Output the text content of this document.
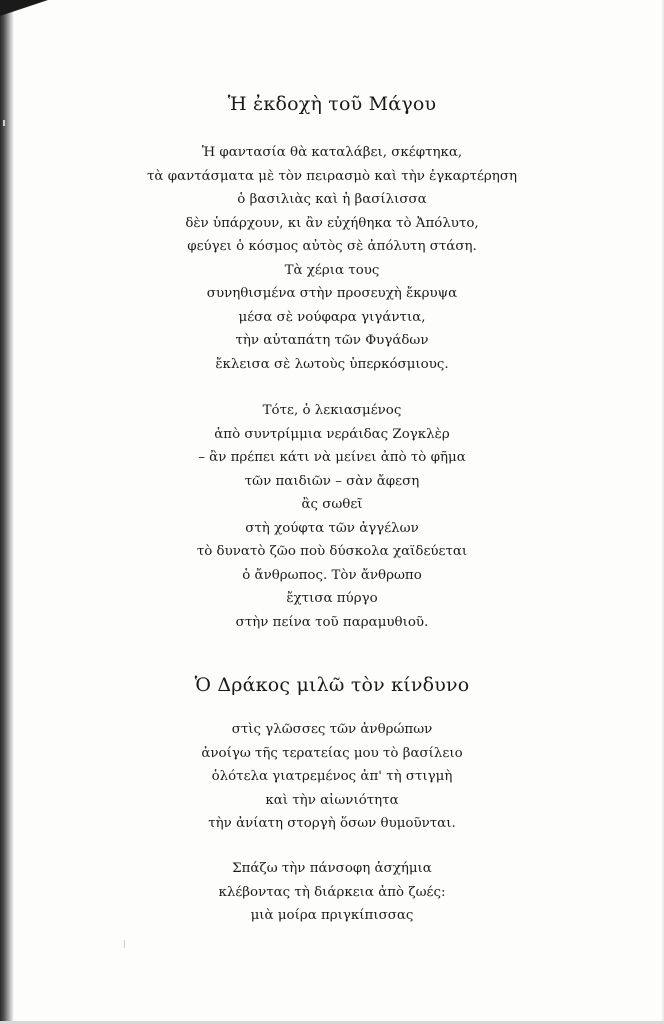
Ἡ ἐκδοχὴ τοῦ Μάγου
Ἡ φαντασία θὰ καταλάβει, σκέφτηκα,
τὰ φαντάσματα μὲ τὸν πειρασμὸ καὶ τὴν ἐγκαρτέρηση
ὁ βασιλιὰς καὶ ἡ βασίλισσα
δὲν ὑπάρχουν, κι ἂν εὐχήθηκα τὸ Ἀπόλυτο,
φεύγει ὁ κόσμος αὐτὸς σὲ ἀπόλυτη στάση.
Τὰ χέρια τους
συνηθισμένα στὴν προσευχὴ ἔκρυψα
μέσα σὲ νούφαρα γιγάντια,
τὴν αὐταπάτη τῶν Φυγάδων
ἔκλεισα σὲ λωτοὺς ὑπερκόσμιους.
Τότε, ὁ λεκιασμένος
ἀπὸ συντρίμμια νεράιδας Ζογκλὲρ
– ἂν πρέπει κάτι νὰ μείνει ἀπὸ τὸ φῆμα
τῶν παιδιῶν – σὰν ἄφεση
ἂς σωθεῖ
στὴ χούφτα τῶν ἀγγέλων
τὸ δυνατὸ ζῶο ποὺ δύσκολα χαϊδεύεται
ὁ ἄνθρωπος. Τὸν ἄνθρωπο
ἔχτισα πύργο
στὴν πείνα τοῦ παραμυθιοῦ.
Ὁ Δράκος μιλῶ τὸν κίνδυνο
στὶς γλῶσσες τῶν ἀνθρώπων
ἀνοίγω τῆς τερατείας μου τὸ βασίλειο
ὁλότελα γιατρεμένος ἀπ' τὴ στιγμὴ
καὶ τὴν αἰωνιότητα
τὴν ἀνίατη στοργὴ ὅσων θυμοῦνται.
Σπάζω τὴν πάνσοφη ἀσχήμια
κλέβοντας τὴ διάρκεια ἀπὸ ζωές:
μιὰ μοίρα πριγκίπισσας
